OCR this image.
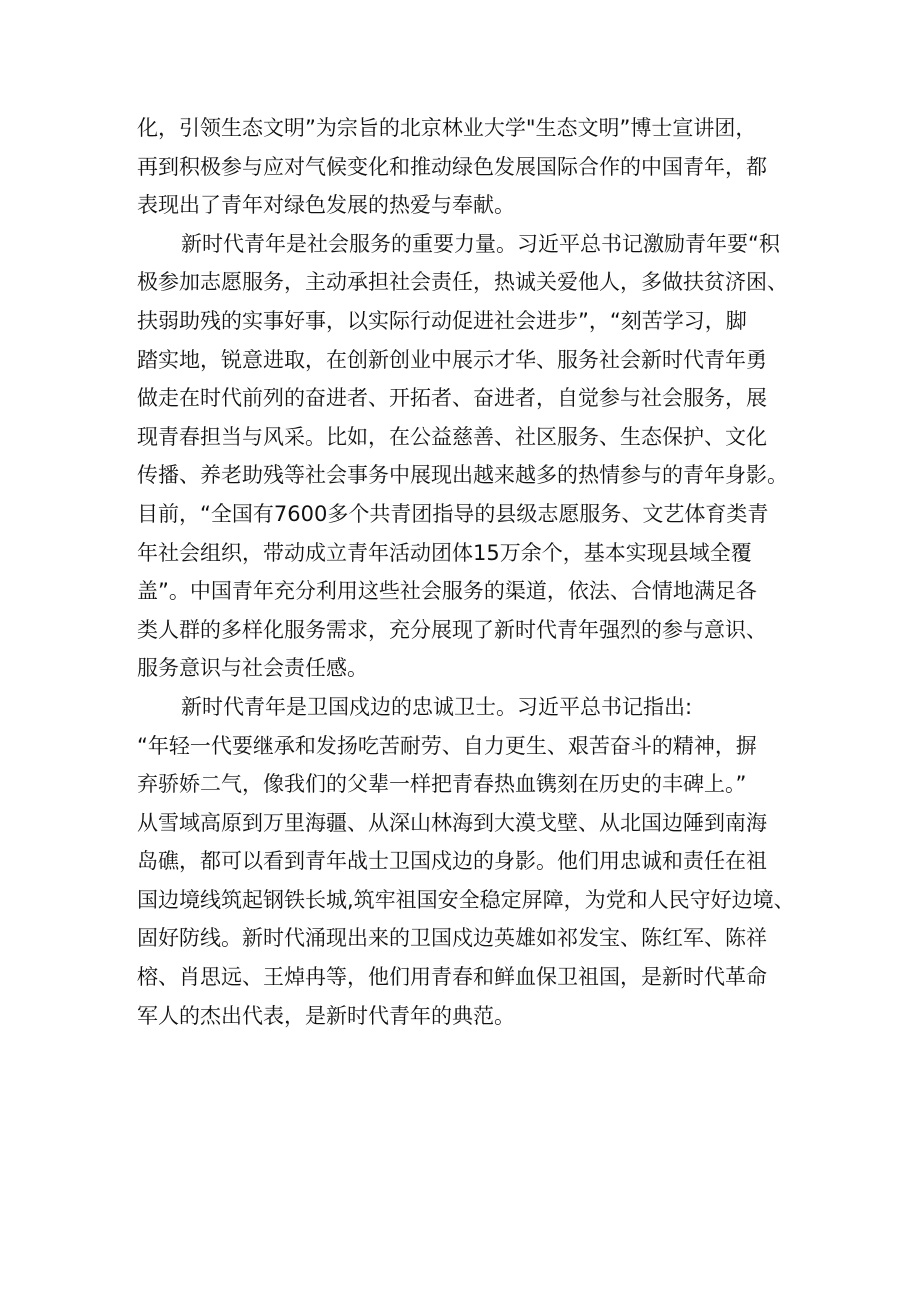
化，引领生态文明”为宗旨的北京林业大学"生态文明”博士宣讲团，
再到积极参与应对气候变化和推动绿色发展国际合作的中国青年，都
表现出了青年对绿色发展的热爱与奉献。
新时代青年是社会服务的重要力量。习近平总书记激励青年要“积
极参加志愿服务，主动承担社会责任，热诚关爱他人，多做扶贫济困、
扶弱助残的实事好事，以实际行动促进社会进步”，“刻苦学习，脚
踏实地，锐意进取，在创新创业中展示才华、服务社会新时代青年勇
做走在时代前列的奋进者、开拓者、奋进者，自觉参与社会服务，展
现青春担当与风采。比如，在公益慈善、社区服务、生态保护、文化
传播、养老助残等社会事务中展现出越来越多的热情参与的青年身影。
目前，“全国有7600多个共青团指导的县级志愿服务、文艺体育类青
年社会组织，带动成立青年活动团体15万余个，基本实现县域全覆
盖”。中国青年充分利用这些社会服务的渠道，依法、合情地满足各
类人群的多样化服务需求，充分展现了新时代青年强烈的参与意识、
服务意识与社会责任感。
新时代青年是卫国戍边的忠诚卫士。习近平总书记指出:
“年轻一代要继承和发扬吃苦耐劳、自力更生、艰苦奋斗的精神，摒
弃骄娇二气，像我们的父辈一样把青春热血镌刻在历史的丰碑上。”
从雪域高原到万里海疆、从深山林海到大漠戈壁、从北国边陲到南海
岛礁，都可以看到青年战士卫国戍边的身影。他们用忠诚和责任在祖
国边境线筑起钢铁长城,筑牢祖国安全稳定屏障，为党和人民守好边境、
固好防线。新时代涌现出来的卫国戍边英雄如祁发宝、陈红军、陈祥
榕、肖思远、王焯冉等，他们用青春和鲜血保卫祖国，是新时代革命
军人的杰出代表，是新时代青年的典范。
